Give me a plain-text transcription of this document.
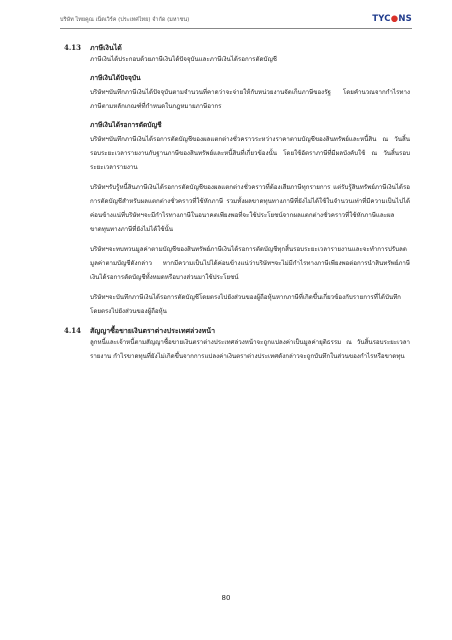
บริษัท ไทยคูณ เน็ตเวิร์ค (ประเทศไทย) จำกัด (มหาชน)	TYC●NS
4.13 ภาษีเงินได้

ภาษีเงินได้ประกอบด้วยภาษีเงินได้ปัจจุบันและภาษีเงินได้รอการตัดบัญชี

ภาษีเงินได้ปัจจุบัน

บริษัทฯบันทึกภาษีเงินได้ปัจจุบันตามจำนวนที่คาดว่าจะจ่ายให้กับหน่วยงานจัดเก็บภาษีของรัฐ โดยคำนวณจากกำไรทางภาษีตามหลักเกณฑ์ที่กำหนดในกฎหมายภาษีอากร

ภาษีเงินได้รอการตัดบัญชี

บริษัทฯบันทึกภาษีเงินได้รอการตัดบัญชีของผลแตกต่างชั่วคราวระหว่างราคาตามบัญชีของสินทรัพย์และหนี้สิน ณ วันสิ้นรอบระยะเวลารายงานกับฐานภาษีของสินทรัพย์และหนี้สินที่เกี่ยวข้องนั้น โดยใช้อัตราภาษีที่มีผลบังคับใช้ ณ วันสิ้นรอบระยะเวลารายงาน

บริษัทฯรับรู้หนี้สินภาษีเงินได้รอการตัดบัญชีของผลแตกต่างชั่วคราวที่ต้องเสียภาษีทุกรายการ แต่รับรู้สินทรัพย์ภาษีเงินได้รอการตัดบัญชีสำหรับผลแตกต่างชั่วคราวที่ใช้หักภาษี รวมทั้งผลขาดทุนทางภาษีที่ยังไม่ได้ใช้ในจำนวนเท่าที่มีความเป็นไปได้ค่อนข้างแน่ที่บริษัทฯจะมีกำไรทางภาษีในอนาคตเพียงพอที่จะใช้ประโยชน์จากผลแตกต่างชั่วคราวที่ใช้หักภาษีและผลขาดทุนทางภาษีที่ยังไม่ได้ใช้นั้น

บริษัทฯจะทบทวนมูลค่าตามบัญชีของสินทรัพย์ภาษีเงินได้รอการตัดบัญชีทุกสิ้นรอบระยะเวลารายงานและจะทำการปรับลดมูลค่าตามบัญชีดังกล่าว หากมีความเป็นไปได้ค่อนข้างแน่ว่าบริษัทฯจะไม่มีกำไรทางภาษีเพียงพอต่อการนำสินทรัพย์ภาษีเงินได้รอการตัดบัญชีทั้งหมดหรือบางส่วนมาใช้ประโยชน์

บริษัทฯจะบันทึกภาษีเงินได้รอการตัดบัญชีโดยตรงไปยังส่วนของผู้ถือหุ้นหากภาษีที่เกิดขึ้นเกี่ยวข้องกับรายการที่ได้บันทึกโดยตรงไปยังส่วนของผู้ถือหุ้น

4.14 สัญญาซื้อขายเงินตราต่างประเทศล่วงหน้า

ลูกหนี้และเจ้าหนี้ตามสัญญาซื้อขายเงินตราต่างประเทศล่วงหน้าจะถูกแปลงค่าเป็นมูลค่ายุติธรรม ณ วันสิ้นรอบระยะเวลารายงาน กำไรขาดทุนที่ยังไม่เกิดขึ้นจากการแปลงค่าเงินตราต่างประเทศดังกล่าวจะถูกบันทึกในส่วนของกำไรหรือขาดทุน

80
